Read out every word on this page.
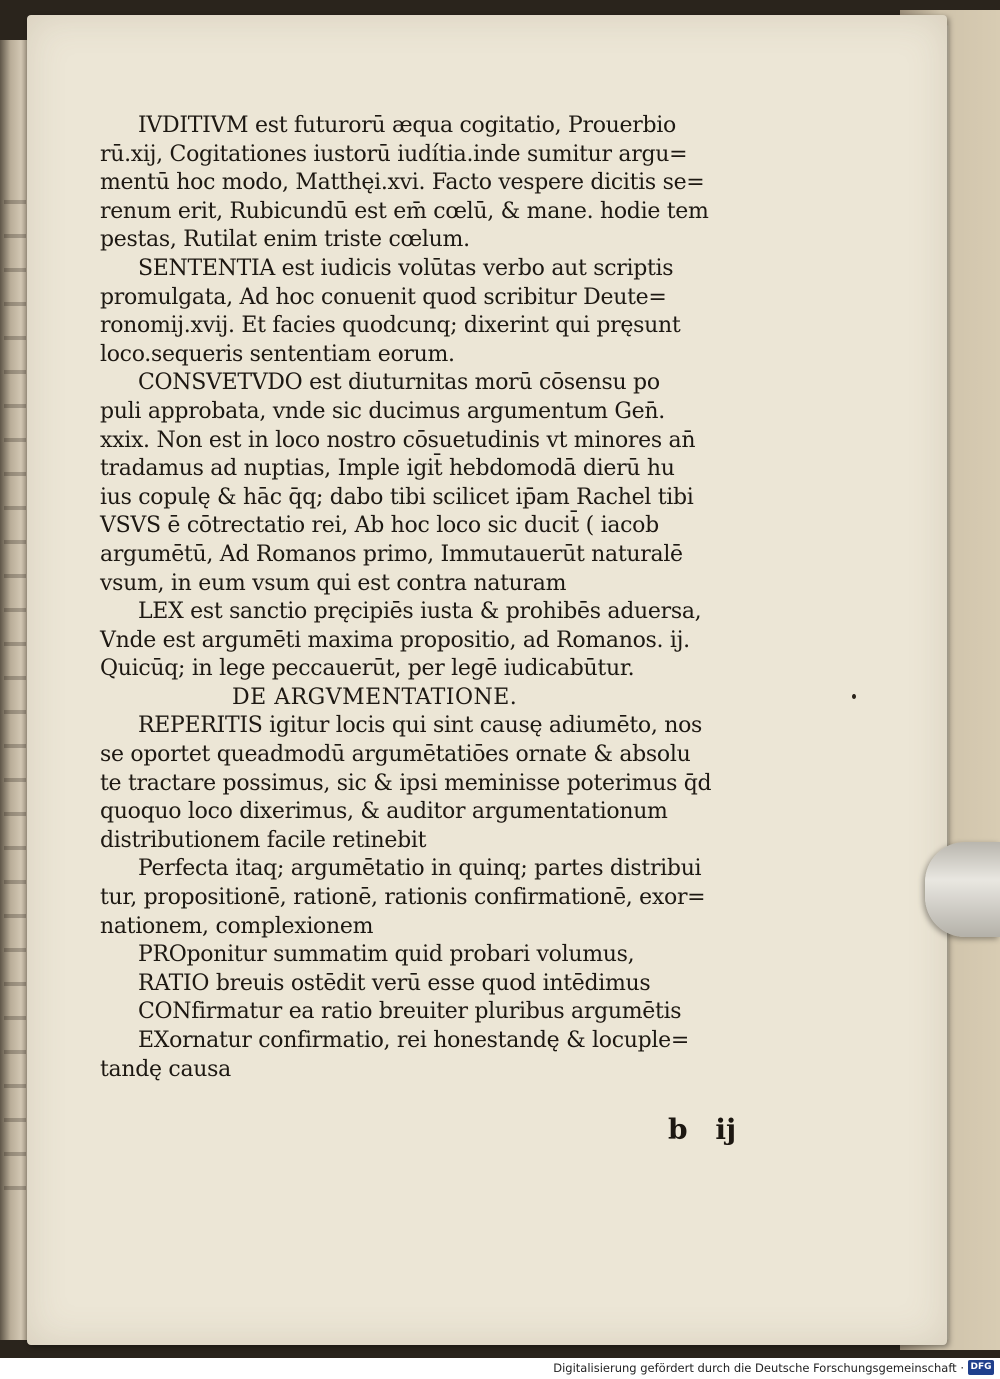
IVDITIVM est futurorū æqua cogitatio, Prouerbio
rū.xij, Cogitationes iustorū iudítia.inde sumitur argu=
mentū hoc modo, Matthęi.xvi. Facto vespere dicitis se=
renum erit, Rubicundū est em̄ cœlū, & mane. hodie tem
pestas, Rutilat enim triste cœlum.
SENTENTIA est iudicis volūtas verbo aut scriptis
promulgata, Ad hoc conuenit quod scribitur Deute=
ronomij.xvij. Et facies quodcunq; dixerint qui pręsunt
loco.sequeris sententiam eorum.
CONSVETVDO est diuturnitas morū cōsensu po
puli approbata, vnde sic ducimus argumentum Gen̄.
xxix. Non est in loco nostro cōsuetudinis vt minores an̄
tradamus ad nuptias, Imple igit̄ hebdomodā dierū hu
ius copulę & hāc q̄q; dabo tibi scilicet ip̄am Rachel tibi
VSVS ē cōtrectatio rei, Ab hoc loco sic ducit̄ ( iacob
argumētū, Ad Romanos primo, Immutauerūt naturalē
vsum, in eum vsum qui est contra naturam
LEX est sanctio pręcipiēs iusta & prohibēs aduersa,
Vnde est argumēti maxima propositio, ad Romanos. ij.
Quicūq; in lege peccauerūt, per legē iudicabūtur.
DE ARGVMENTATIONE.
REPERITIS igitur locis qui sint causę adiumēto, nos
se oportet queadmodū argumētatiōes ornate & absolu
te tractare possimus, sic & ipsi meminisse poterimus q̄d
quoquo loco dixerimus, & auditor argumentationum
distributionem facile retinebit
Perfecta itaq; argumētatio in quinq; partes distribui
tur, propositionē, rationē, rationis confirmationē, exor=
nationem, complexionem
PROponitur summatim quid probari volumus,
RATIO breuis ostēdit verū esse quod intēdimus
CONfirmatur ea ratio breuiter pluribus argumētis
EXornatur confirmatio, rei honestandę & locuple=
tandę causa
b ij
Digitalisierung gefördert durch die Deutsche Forschungsgemeinschaft · DFG
